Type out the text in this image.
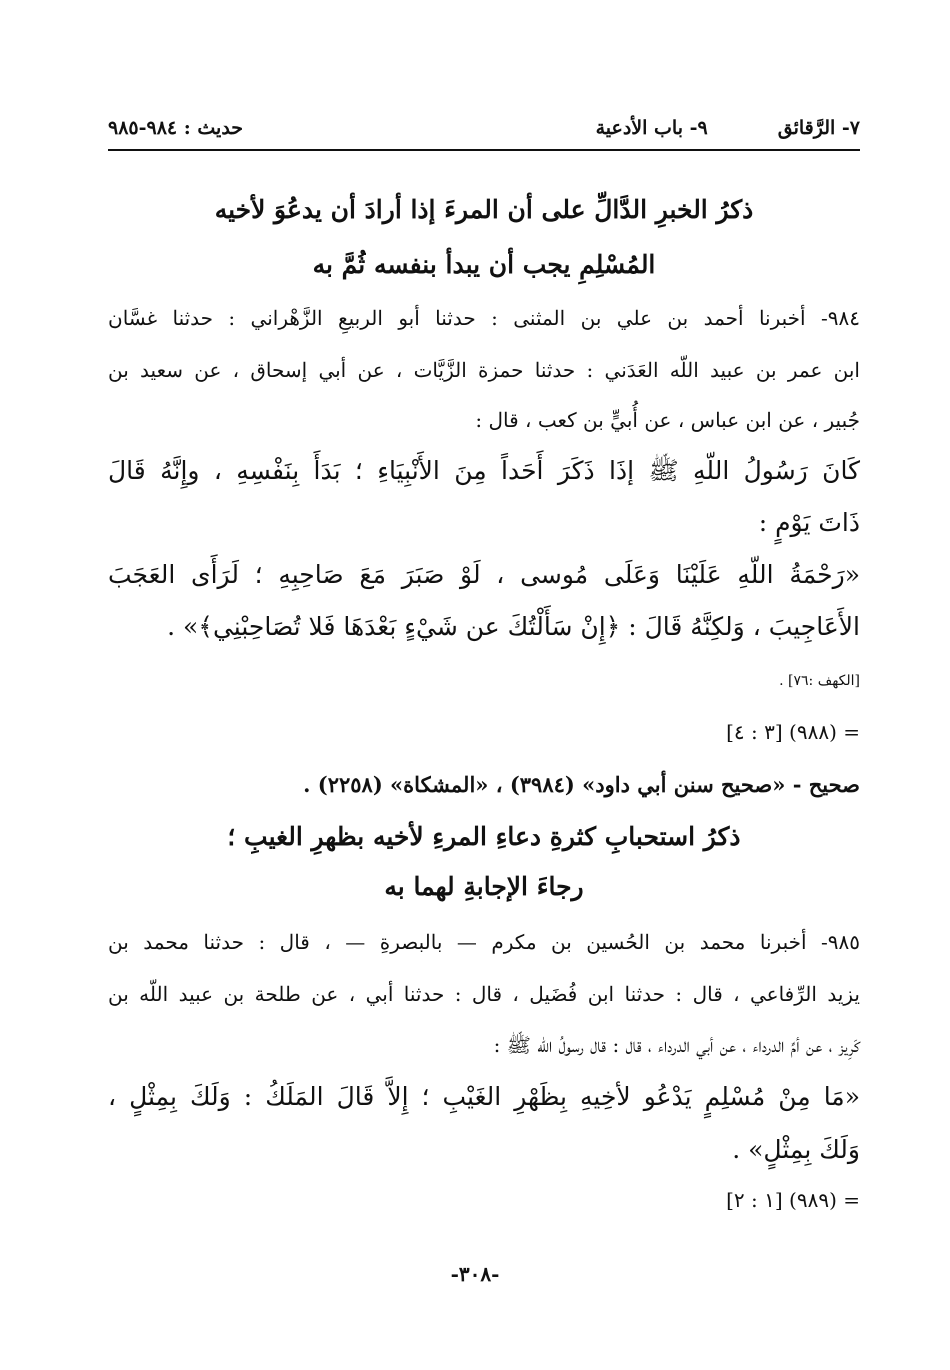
٧- الرَّقائق
٩- باب الأدعية
حديث : ٩٨٤-٩٨٥
ذكرُ الخبرِ الدَّالِّ على أن المرءَ إذا أرادَ أن يدعُوَ لأخيه
المُسْلِمِ يجب أن يبدأ بنفسه ثُمَّ به
٩٨٤- أخبرنا أحمد بن علي بن المثنى : حدثنا أبو الربيعِ الزَّهْراني : حدثنا غسَّان
ابن عمر بن عبيد اللّه العَدَني : حدثنا حمزة الزَّيَّات ، عن أبي إسحاق ، عن سعيد بن
جُبير ، عن ابن عباس ، عن أُبيٍّ بن كعب ، قال :
كَانَ رَسُولُ اللّهِ ﷺ إذَا ذَكَرَ أَحَداً مِنَ الأَنْبِيَاءِ ؛ بَدَأَ بِنَفْسِهِ ، وإِنَّهُ قَالَ
ذَاتَ يَوْمٍ :
«رَحْمَةُ اللّهِ عَلَيْنَا وَعَلَى مُوسى ، لَوْ صَبَرَ مَعَ صَاحِبِهِ ؛ لَرَأَى العَجَبَ
الأَعَاجِيبَ ، وَلكِنَّهُ قَالَ : ﴿إِنْ سَأَلْتُكَ عن شَيْءٍ بَعْدَهَا فَلا تُصَاحِبْنِي﴾» .
[الكهف :٧٦] .
= (٩٨٨) [٣ : ٤]
صحيح - «صحيح سنن أبي داود» (٣٩٨٤) ، «المشكاة» (٢٢٥٨) .
ذكرُ استحبابِ كثرةِ دعاءِ المرءِ لأخيه بظهرِ الغيبِ ؛
رجاءَ الإجابةِ لهما به
٩٨٥- أخبرنا محمد بن الحُسين بن مكرم — بالبصرةِ — ، قال : حدثنا محمد بن
يزيد الرِّفاعي ، قال : حدثنا ابن فُضَيل ، قال : حدثنا أبي ، عن طلحة بن عبيد اللّه بن
كَرِيز ، عن أمِّ الدرداء ، عن أبي الدرداء ، قال : قال رسولُ اللّه ﷺ :
«مَا مِنْ مُسْلِمٍ يَدْعُو لأخِيهِ بِظَهْرِ الغَيْبِ ؛ إِلاَّ قَالَ المَلَكُ : وَلَكَ بِمِثْلٍ ،
وَلَكَ بِمِثْلٍ» .
= (٩٨٩) [١ : ٢]
-٣٠٨-
